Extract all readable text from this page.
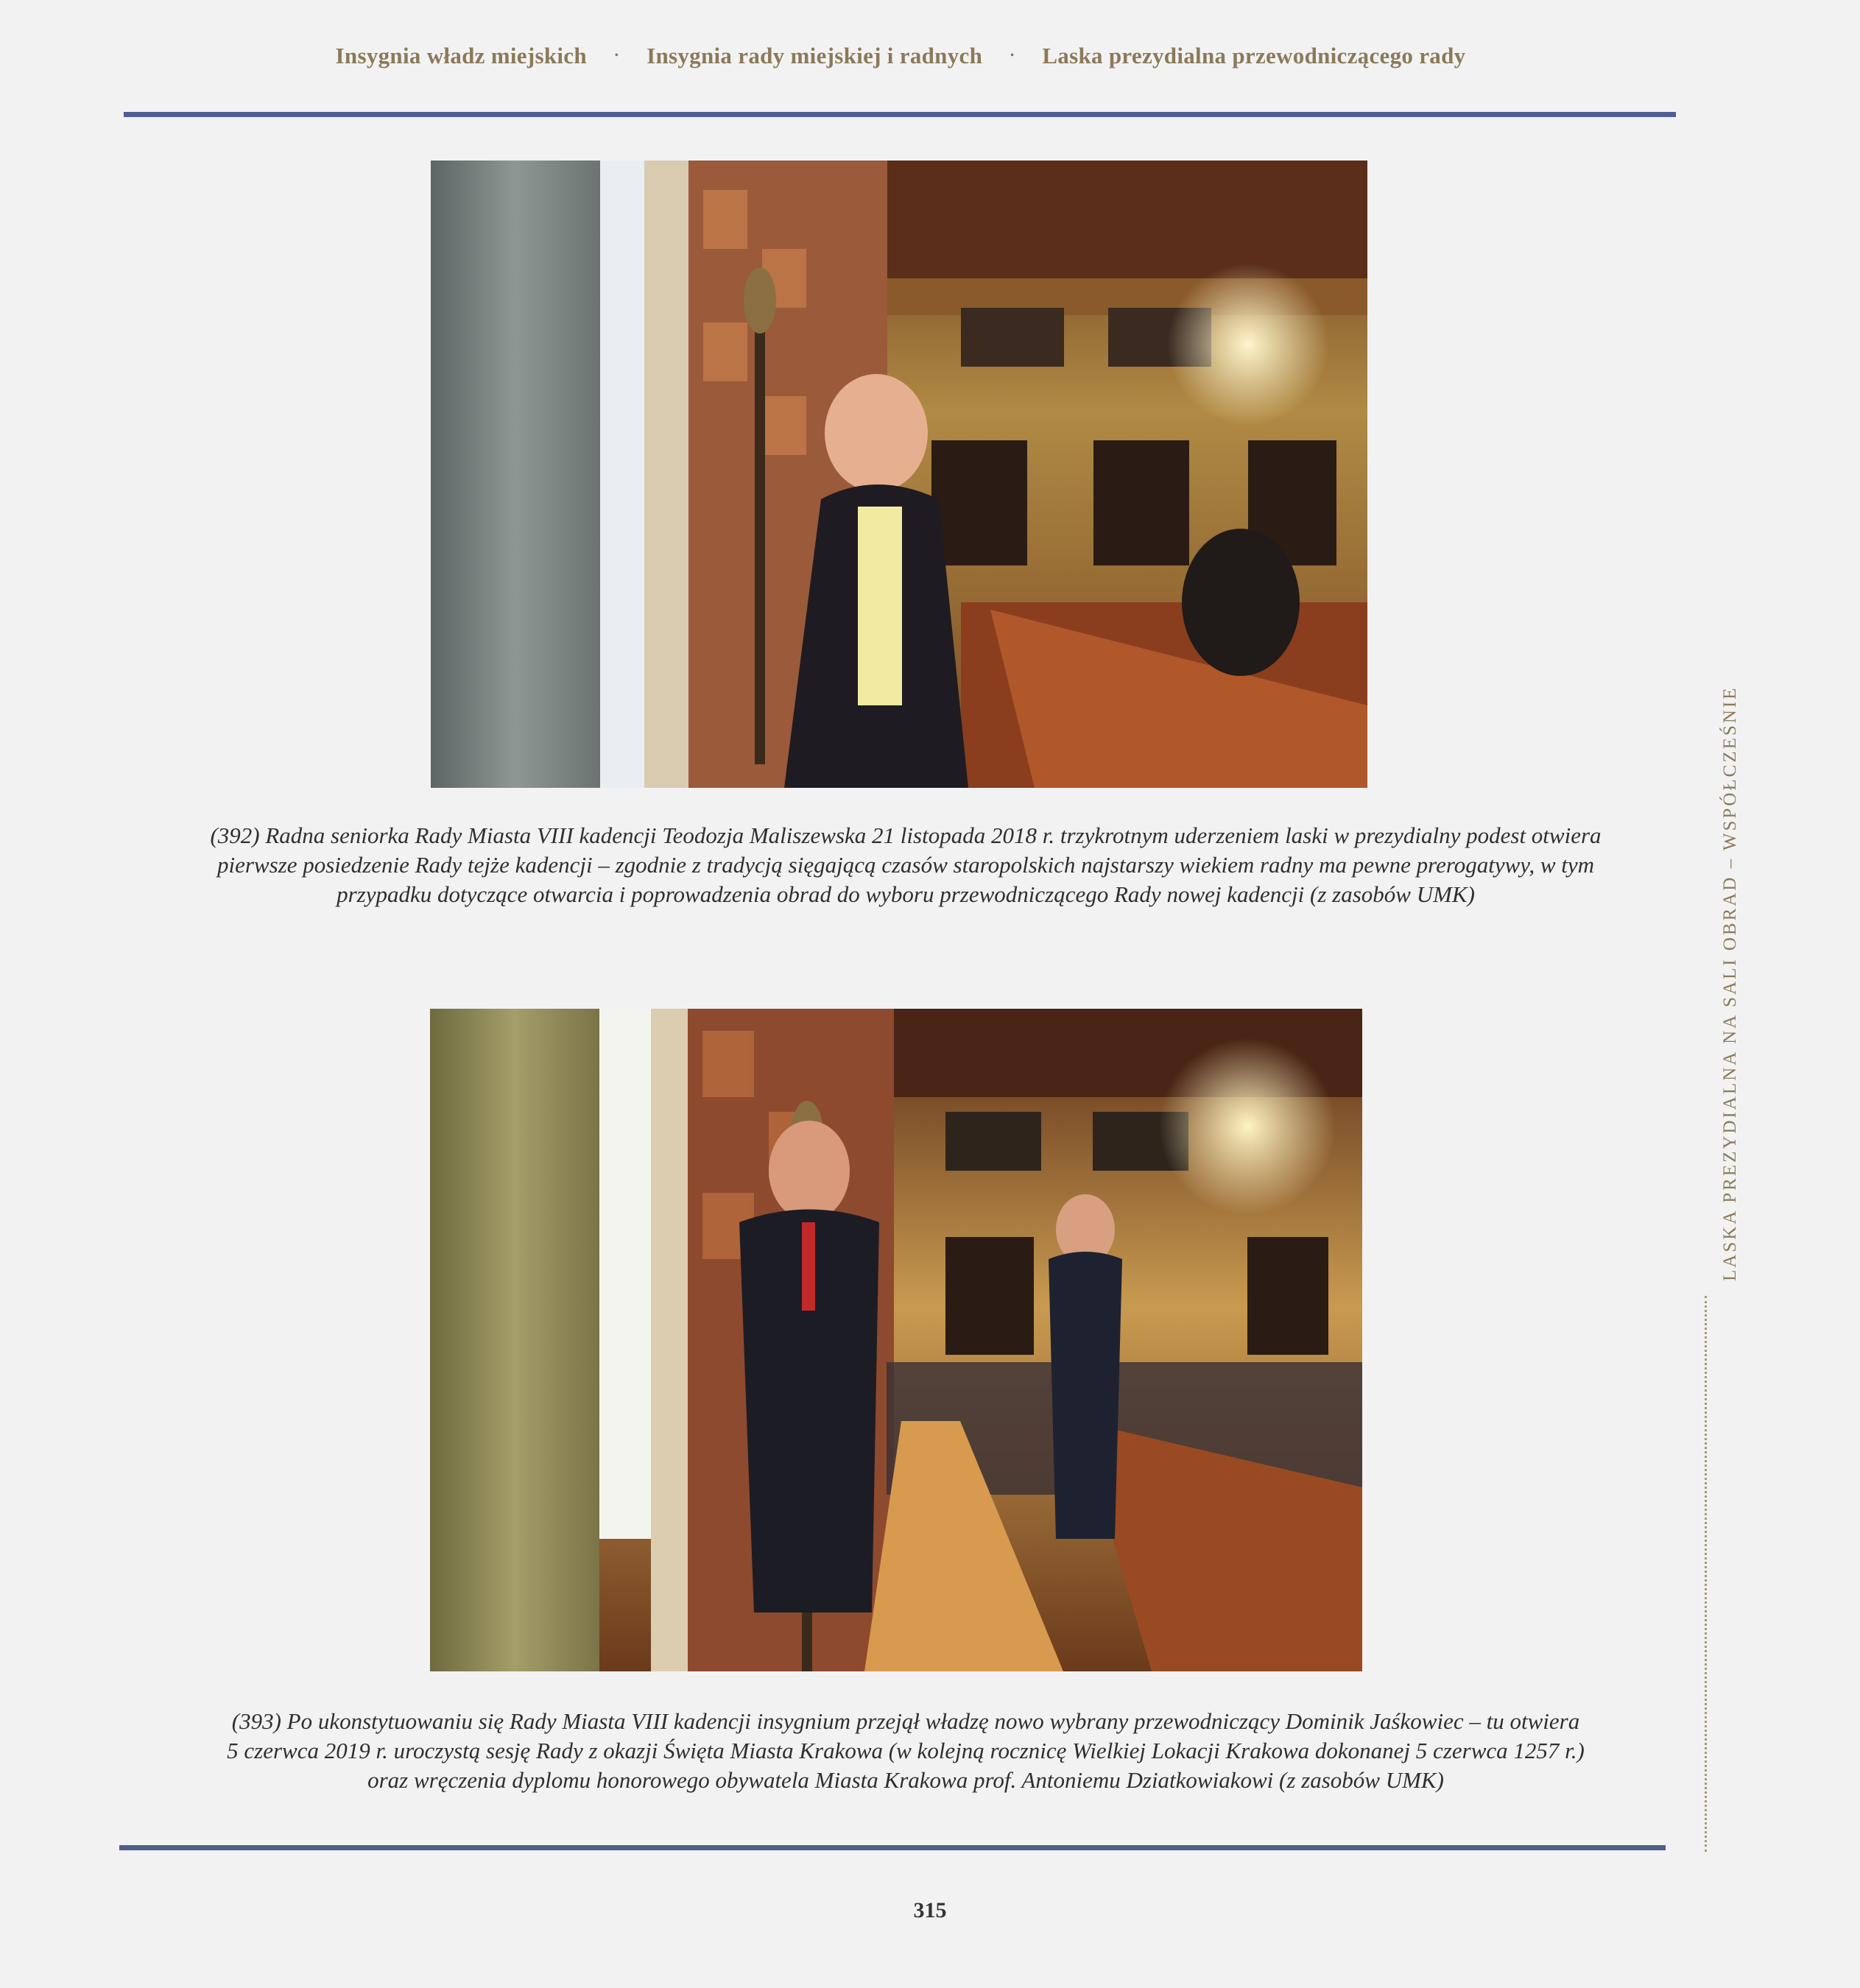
Insygnia władz miejskich	• Insygnia rady miejskiej i radnych	• Laska prezydialna przewodniczącego rady
(392) Radna seniorka Rady Miasta VIII kadencji Teodozja Maliszewska 21 listopada 2018 r. trzykrotnym uderzeniem laski w prezydialny podest otwiera
pierwsze posiedzenie Rady tejże kadencji – zgodnie z tradycją sięgającą czasów staropolskich najstarszy wiekiem radny ma pewne prerogatywy, w tym
przypadku dotyczące otwarcia i poprowadzenia obrad do wyboru przewodniczącego Rady nowej kadencji (z zasobów UMK)
(393) Po ukonstytuowaniu się Rady Miasta VIII kadencji insygnium przejął władzę nowo wybrany przewodniczący Dominik Jaśkowiec – tu otwiera
5 czerwca 2019 r. uroczystą sesję Rady z okazji Święta Miasta Krakowa (w kolejną rocznicę Wielkiej Lokacji Krakowa dokonanej 5 czerwca 1257 r.)
oraz wręczenia dyplomu honorowego obywatela Miasta Krakowa prof. Antoniemu Dziatkowiakowi (z zasobów UMK)
LASKA PREZYDIALNA NA SALI OBRAD – WSPÓŁCZEŚNIE
315
